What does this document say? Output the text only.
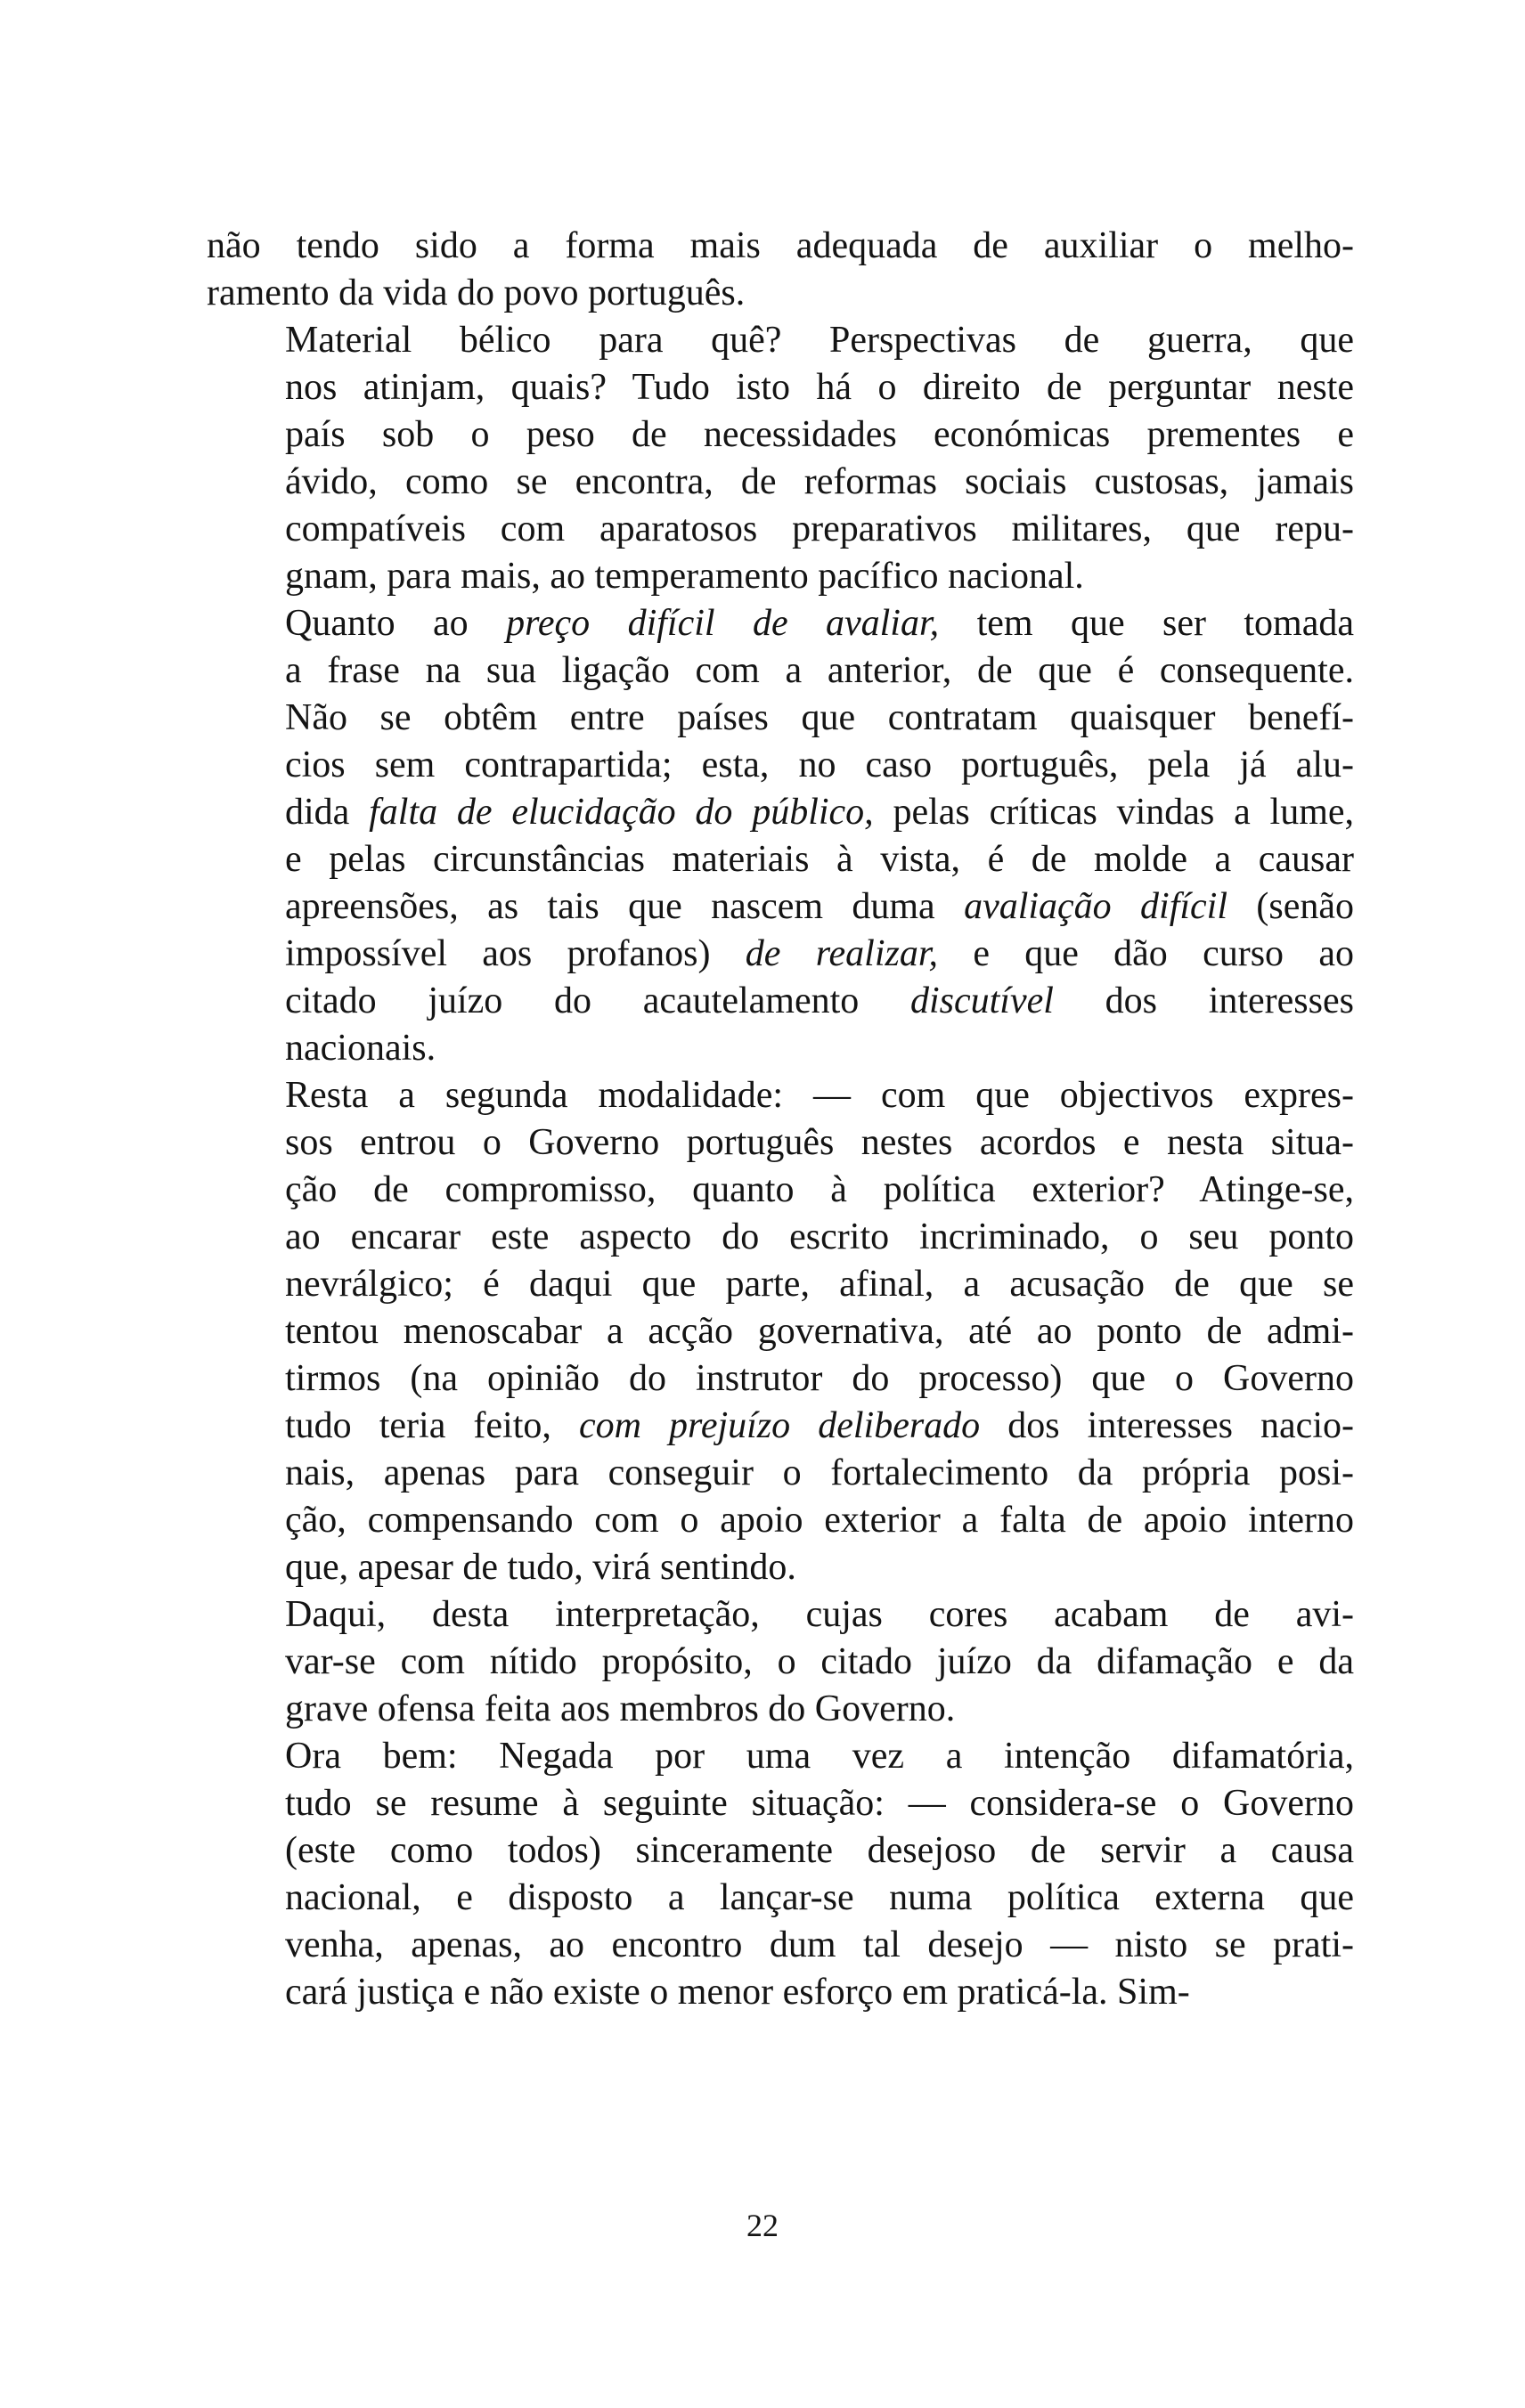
não tendo sido a forma mais adequada de auxiliar o melho-
ramento da vida do povo português.

Material bélico para quê? Perspectivas de guerra, que
nos atinjam, quais? Tudo isto há o direito de perguntar neste
país sob o peso de necessidades económicas prementes e
ávido, como se encontra, de reformas sociais custosas, jamais
compatíveis com aparatosos preparativos militares, que repu-
gnam, para mais, ao temperamento pacífico nacional.

Quanto ao preço difícil de avaliar, tem que ser tomada
a frase na sua ligação com a anterior, de que é consequente.
Não se obtêm entre países que contratam quaisquer benefí-
cios sem contrapartida; esta, no caso português, pela já alu-
dida falta de elucidação do público, pelas críticas vindas a lume,
e pelas circunstâncias materiais à vista, é de molde a causar
apreensões, as tais que nascem duma avaliação difícil (senão
impossível aos profanos) de realizar, e que dão curso ao
citado juízo do acautelamento discutível dos interesses
nacionais.

Resta a segunda modalidade: — com que objectivos expres-
sos entrou o Governo português nestes acordos e nesta situa-
ção de compromisso, quanto à política exterior? Atinge-se,
ao encarar este aspecto do escrito incriminado, o seu ponto
nevrálgico; é daqui que parte, afinal, a acusação de que se
tentou menoscabar a acção governativa, até ao ponto de admi-
tirmos (na opinião do instrutor do processo) que o Governo
tudo teria feito, com prejuízo deliberado dos interesses nacio-
nais, apenas para conseguir o fortalecimento da própria posi-
ção, compensando com o apoio exterior a falta de apoio interno
que, apesar de tudo, virá sentindo.

Daqui, desta interpretação, cujas cores acabam de avi-
var-se com nítido propósito, o citado juízo da difamação e da
grave ofensa feita aos membros do Governo.

Ora bem: Negada por uma vez a intenção difamatória,
tudo se resume à seguinte situação: — considera-se o Governo
(este como todos) sinceramente desejoso de servir a causa
nacional, e disposto a lançar-se numa política externa que
venha, apenas, ao encontro dum tal desejo — nisto se prati-
cará justiça e não existe o menor esforço em praticá-la. Sim-

22
